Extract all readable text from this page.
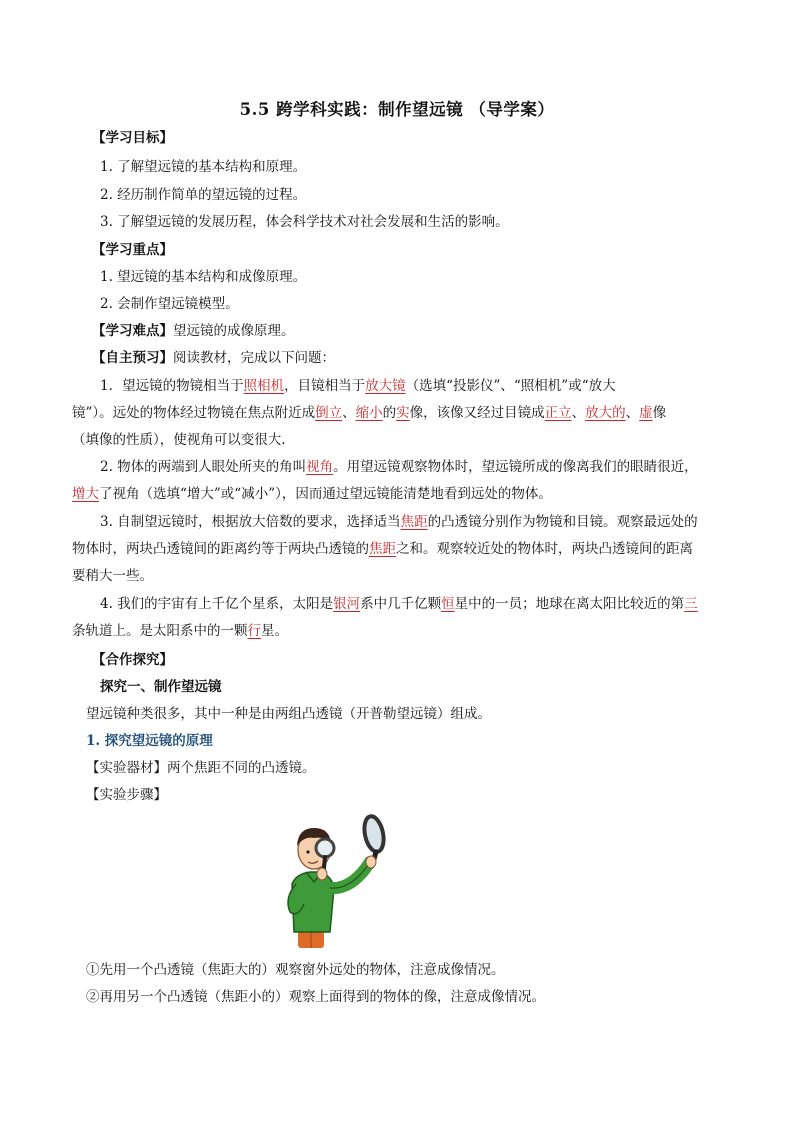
5.5 跨学科实践：制作望远镜 （导学案）
【学习目标】
1. 了解望远镜的基本结构和原理。
2. 经历制作简单的望远镜的过程。
3. 了解望远镜的发展历程，体会科学技术对社会发展和生活的影响。
【学习重点】
1. 望远镜的基本结构和成像原理。
2. 会制作望远镜模型。
【学习难点】望远镜的成像原理。
【自主预习】阅读教材，完成以下问题：
1．望远镜的物镜相当于照相机，目镜相当于放大镜（选填“投影仪”、“照相机”或“放大
镜”）。远处的物体经过物镜在焦点附近成倒立、缩小的实像，该像又经过目镜成正立、放大的、虚像
（填像的性质），使视角可以变很大.
2. 物体的两端到人眼处所夹的角叫视角。用望远镜观察物体时，望远镜所成的像离我们的眼睛很近，
增大了视角（选填“增大”或“减小”），因而通过望远镜能清楚地看到远处的物体。
3. 自制望远镜时，根据放大倍数的要求，选择适当焦距的凸透镜分别作为物镜和目镜。观察最远处的
物体时，两块凸透镜间的距离约等于两块凸透镜的焦距之和。观察较近处的物体时，两块凸透镜间的距离
要稍大一些。
4. 我们的宇宙有上千亿个星系，太阳是银河系中几千亿颗恒星中的一员；地球在离太阳比较近的第三
条轨道上。是太阳系中的一颗行星。
【合作探究】
探究一、制作望远镜
望远镜种类很多，其中一种是由两组凸透镜（开普勒望远镜）组成。
1. 探究望远镜的原理
【实验器材】两个焦距不同的凸透镜。
【实验步骤】
①先用一个凸透镜（焦距大的）观察窗外远处的物体，注意成像情况。
②再用另一个凸透镜（焦距小的）观察上面得到的物体的像，注意成像情况。
